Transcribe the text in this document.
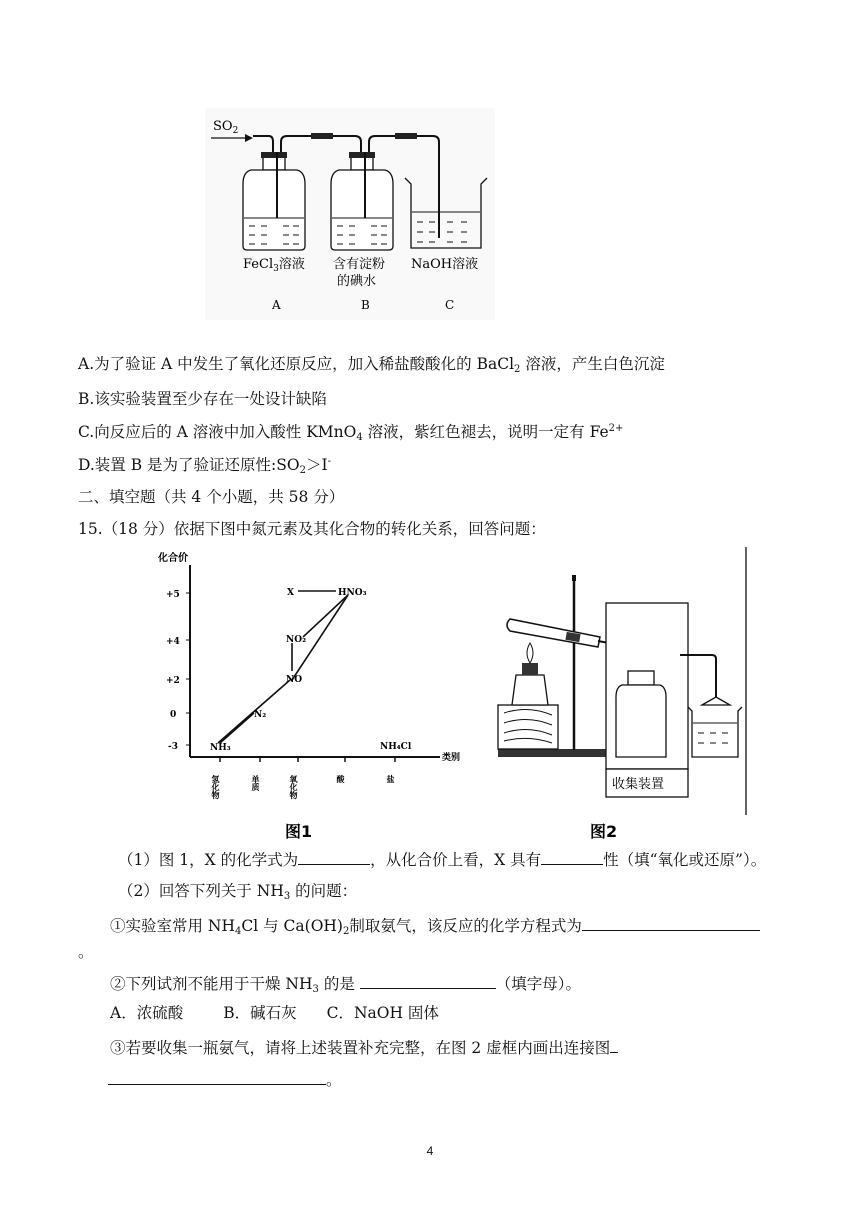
$SO_2$
FeCl$_3$溶液 含有淀粉
的碘水
NaOH溶液
A	B	C
A.为了验证 A 中发生了氧化还原反应，加入稀盐酸酸化的 BaCl$_2$ 溶液，产生白色沉淀
B.该实验装置至少存在一处设计缺陷
C.向反应后的 A 溶液中加入酸性 KMnO$_4$ 溶液，紫红色褪去，说明一定有 $Fe^{2+}$
D.装置 B 是为了验证还原性$:SO_2>I^-$
二、填空题（共 4 个小题，共 58 分）
15.（18 分）依据下图中氮元素及其化合物的转化关系，回答问题：
化合价
类别
+5
+4
+2
0
-3
氢化物	单质	氧化物	酸	盐
X	HNO₃
NO₂
NO
N₂
NH₃	NH₄Cl
图1
收集装置
图2
（1）图 1，X 的化学式为	，从化合价上看，X 具有	性（填“氧化或还原”）。
（2）回答下列关于 $NH_3$ 的问题：
①实验室常用 $NH_4Cl$ 与 $Ca(OH)_2$制取氨气，该反应的化学方程式为
。
②下列试剂不能用于干燥 $NH_3$ 的是	（填字母）。
A．浓硫酸	B．碱石灰 C．NaOH 固体
③若要收集一瓶氨气，请将上述装置补充完整，在图 2 虚框内画出连接图
。
4
